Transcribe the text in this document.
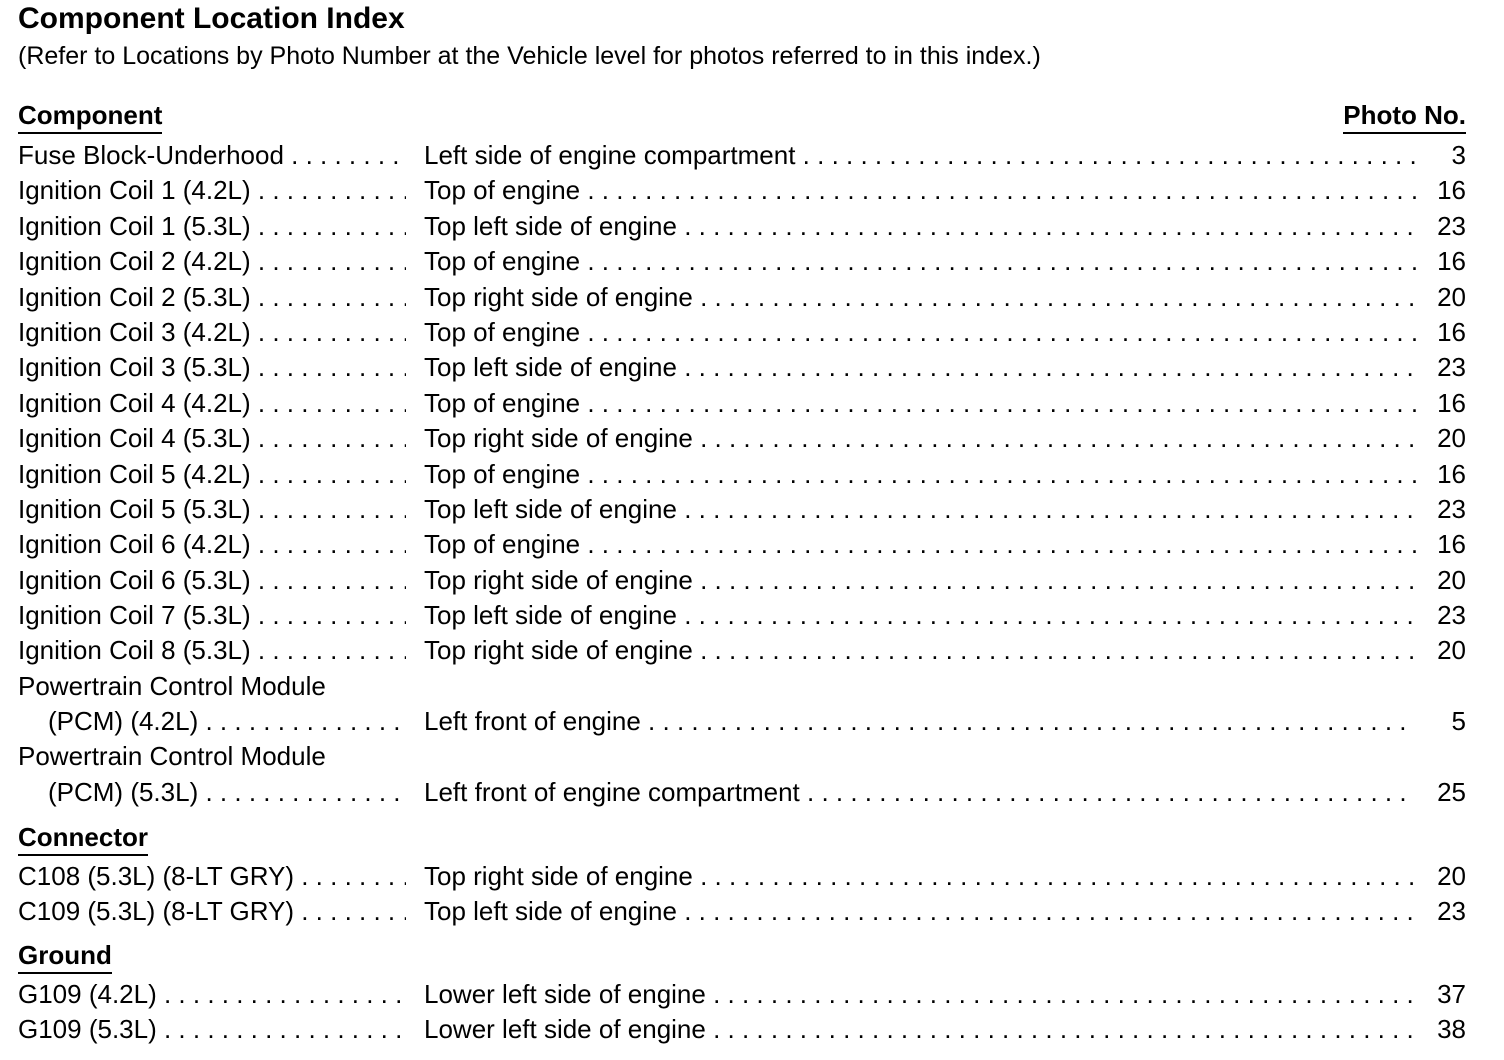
Component Location Index
(Refer to Locations by Photo Number at the Vehicle level for photos referred to in this index.)
Component	Photo No.
Fuse Block-Underhood . . .	Left side of engine compartment . . .	3
Ignition Coil 1 (4.2L) . . .	Top of engine . . .	16
Ignition Coil 1 (5.3L) . . .	Top left side of engine . . .	23
Ignition Coil 2 (4.2L) . . .	Top of engine . . .	16
Ignition Coil 2 (5.3L) . . .	Top right side of engine . . .	20
Ignition Coil 3 (4.2L) . . .	Top of engine . . .	16
Ignition Coil 3 (5.3L) . . .	Top left side of engine . . .	23
Ignition Coil 4 (4.2L) . . .	Top of engine . . .	16
Ignition Coil 4 (5.3L) . . .	Top right side of engine . . .	20
Ignition Coil 5 (4.2L) . . .	Top of engine . . .	16
Ignition Coil 5 (5.3L) . . .	Top left side of engine . . .	23
Ignition Coil 6 (4.2L) . . .	Top of engine . . .	16
Ignition Coil 6 (5.3L) . . .	Top right side of engine . . .	20
Ignition Coil 7 (5.3L) . . .	Top left side of engine . . .	23
Ignition Coil 8 (5.3L) . . .	Top right side of engine . . .	20
Powertrain Control Module
(PCM) (4.2L) . . .	Left front of engine . . .	5
Powertrain Control Module
(PCM) (5.3L) . . .	Left front of engine compartment . . .	25
Connector
C108 (5.3L) (8-LT GRY) . . .	Top right side of engine . . .	20
C109 (5.3L) (8-LT GRY) . . .	Top left side of engine . . .	23
Ground
G109 (4.2L) . . .	Lower left side of engine . . .	37
G109 (5.3L) . . .	Lower left side of engine . . .	38
